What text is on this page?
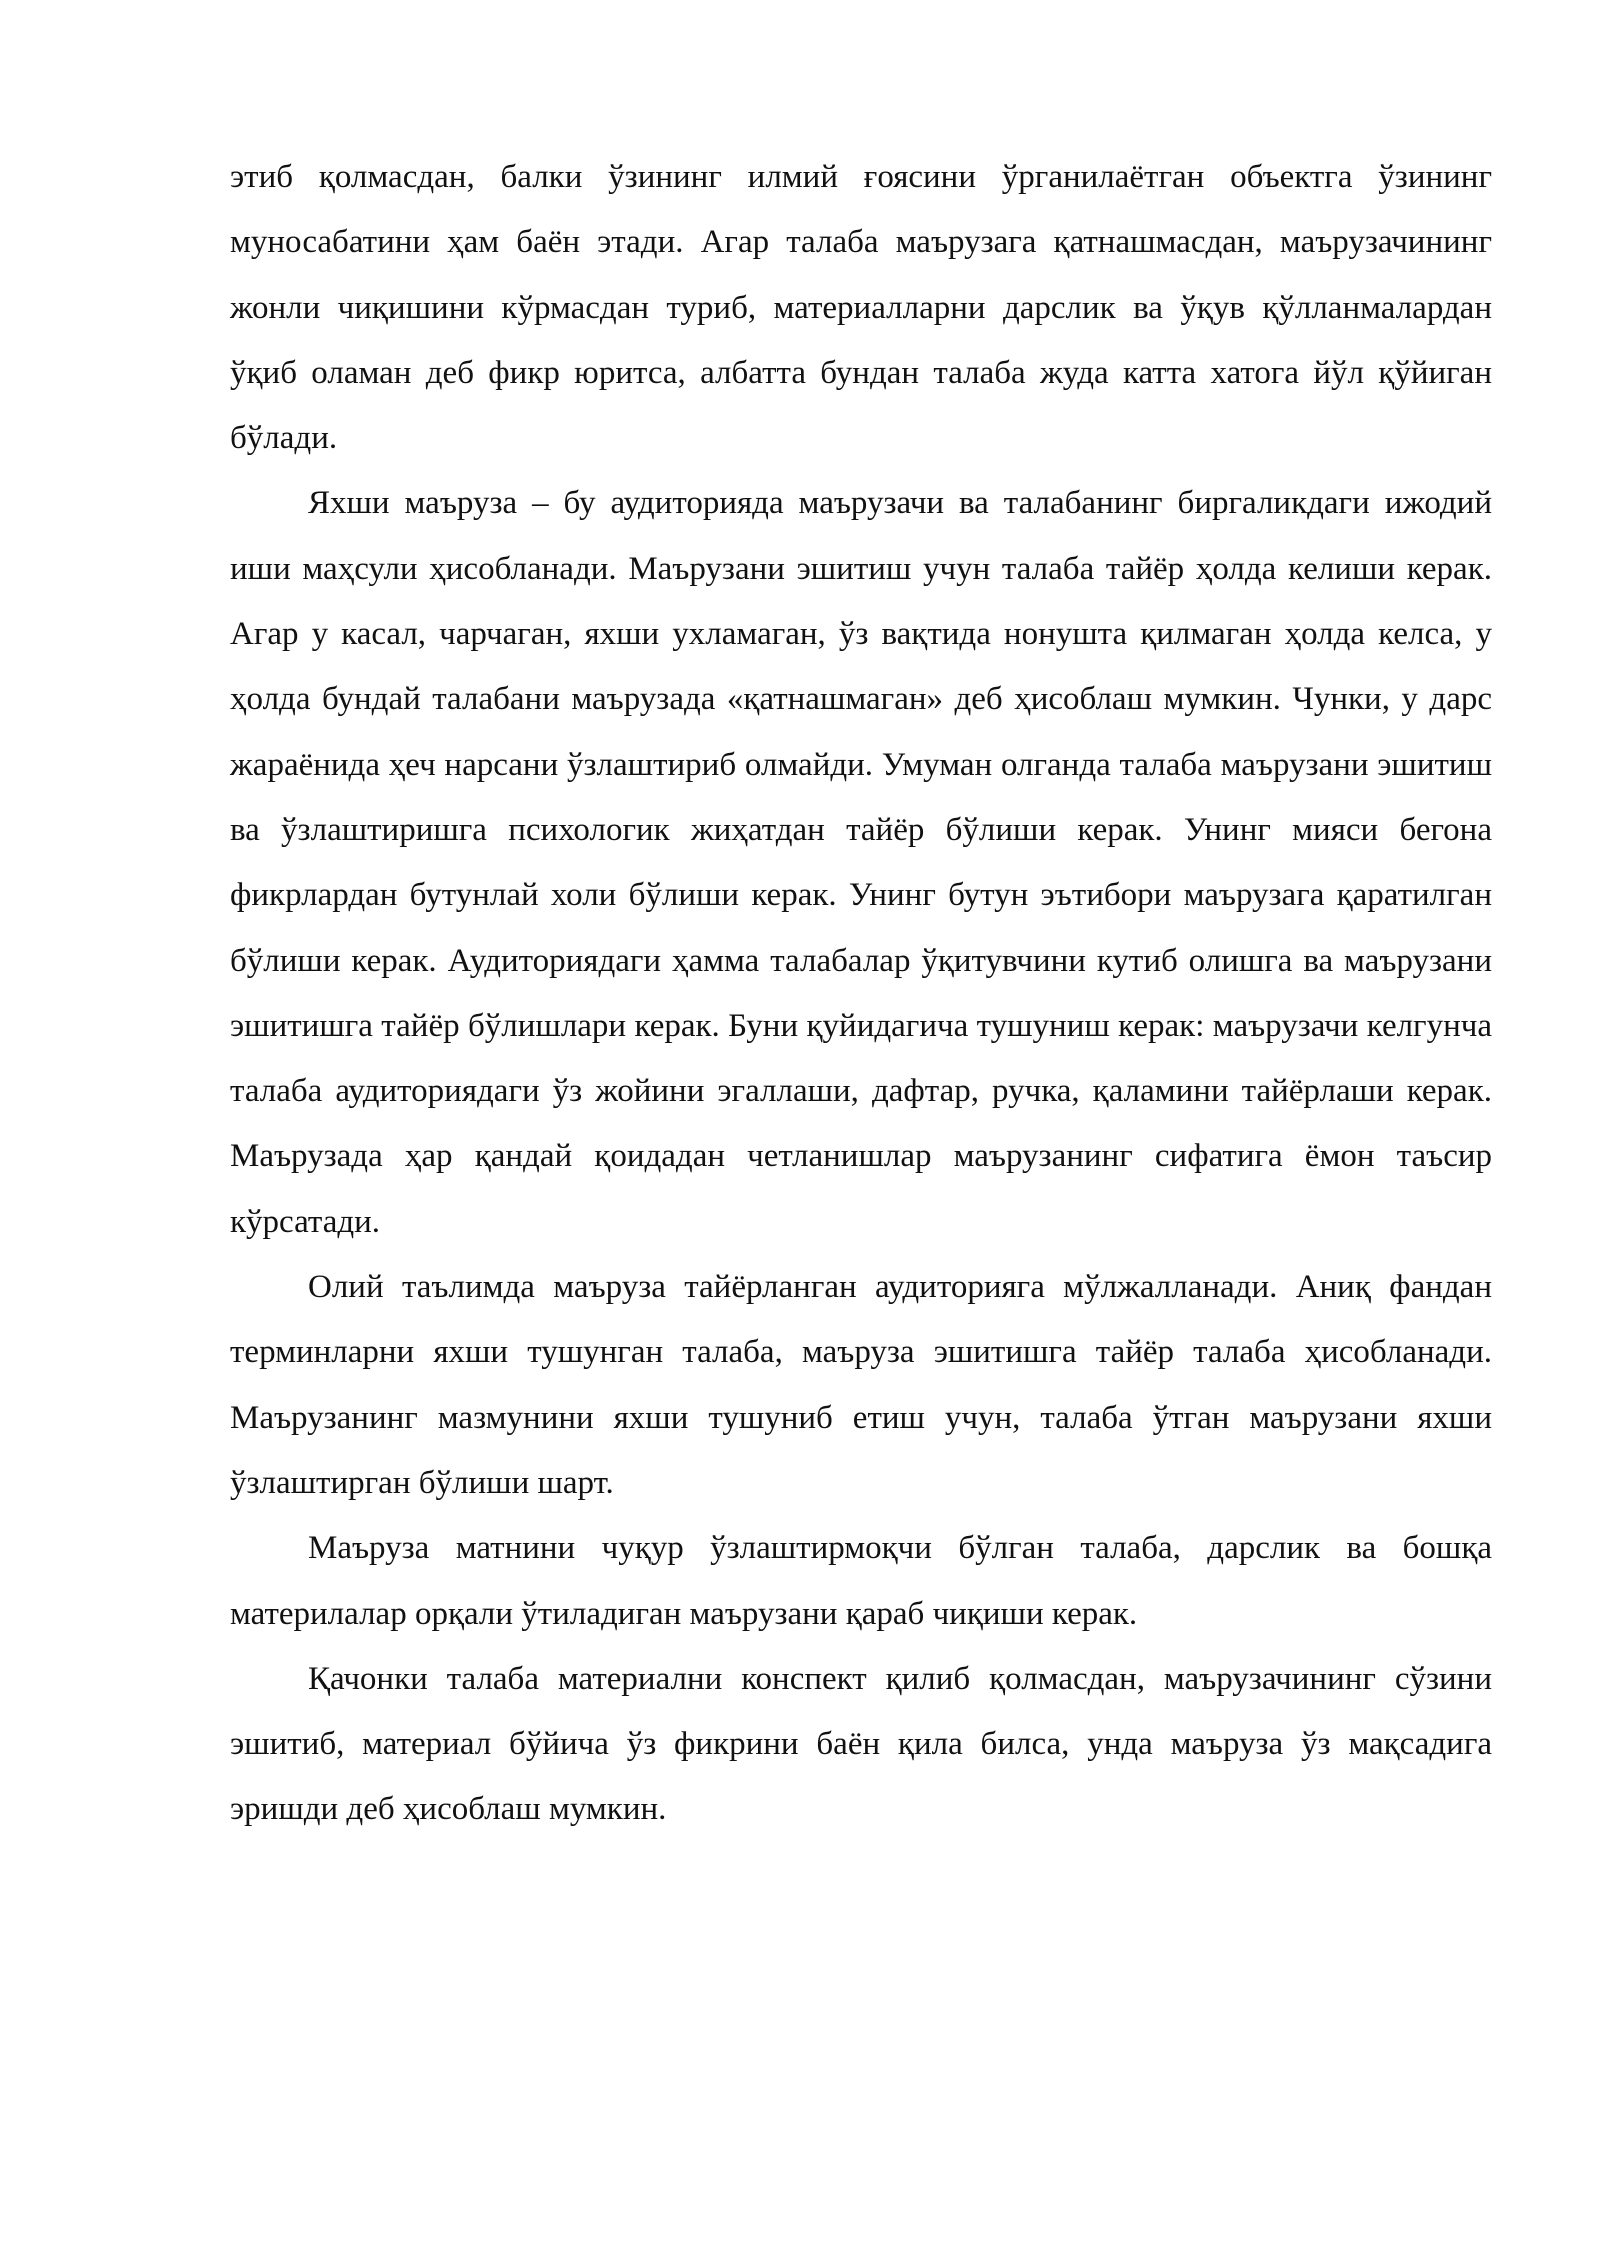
этиб қолмасдан, балки ўзининг илмий ғоясини ўрганилаётган объектга ўзининг муносабатини ҳам баён этади. Агар талаба маърузага қатнашмасдан, маърузачининг жонли чиқишини кўрмасдан туриб, материалларни дарслик ва ўқув қўлланмалардан ўқиб оламан деб фикр юритса, албатта бундан талаба жуда катта хатога йўл қўйиган бўлади.

Яхши маъруза – бу аудиторияда маърузачи ва талабанинг биргаликдаги ижодий иши маҳсули ҳисобланади. Маърузани эшитиш учун талаба тайёр ҳолда келиши керак. Агар у касал, чарчаган, яхши ухламаган, ўз вақтида нонушта қилмаган ҳолда келса, у ҳолда бундай талабани маърузада «қатнашмаган» деб ҳисоблаш мумкин. Чунки, у дарс жараёнида ҳеч нарсани ўзлаштириб олмайди. Умуман олганда талаба маърузани эшитиш ва ўзлаштиришга психологик жиҳатдан тайёр бўлиши керак. Унинг мияси бегона фикрлардан бутунлай холи бўлиши керак. Унинг бутун эътибори маърузага қаратилган бўлиши керак. Аудиториядаги ҳамма талабалар ўқитувчини кутиб олишга ва маърузани эшитишга тайёр бўлишлари керак. Буни қуйидагича тушуниш керак: маърузачи келгунча талаба аудиториядаги ўз жойини эгаллаши, дафтар, ручка, қаламини тайёрлаши керак. Маърузада ҳар қандай қоидадан четланишлар маърузанинг сифатига ёмон таъсир кўрсатади.

Олий таълимда маъруза тайёрланган аудиторияга мўлжалланади. Аниқ фандан терминларни яхши тушунган талаба, маъруза эшитишга тайёр талаба ҳисобланади. Маърузанинг мазмунини яхши тушуниб етиш учун, талаба ўтган маърузани яхши ўзлаштирган бўлиши шарт.

Маъруза матнини чуқур ўзлаштирмоқчи бўлган талаба, дарслик ва бошқа материлалар орқали ўтиладиган маърузани қараб чиқиши керак.

Қачонки талаба материални конспект қилиб қолмасдан, маърузачининг сўзини эшитиб, материал бўйича ўз фикрини баён қила билса, унда маъруза ўз мақсадига эришди деб ҳисоблаш мумкин.
